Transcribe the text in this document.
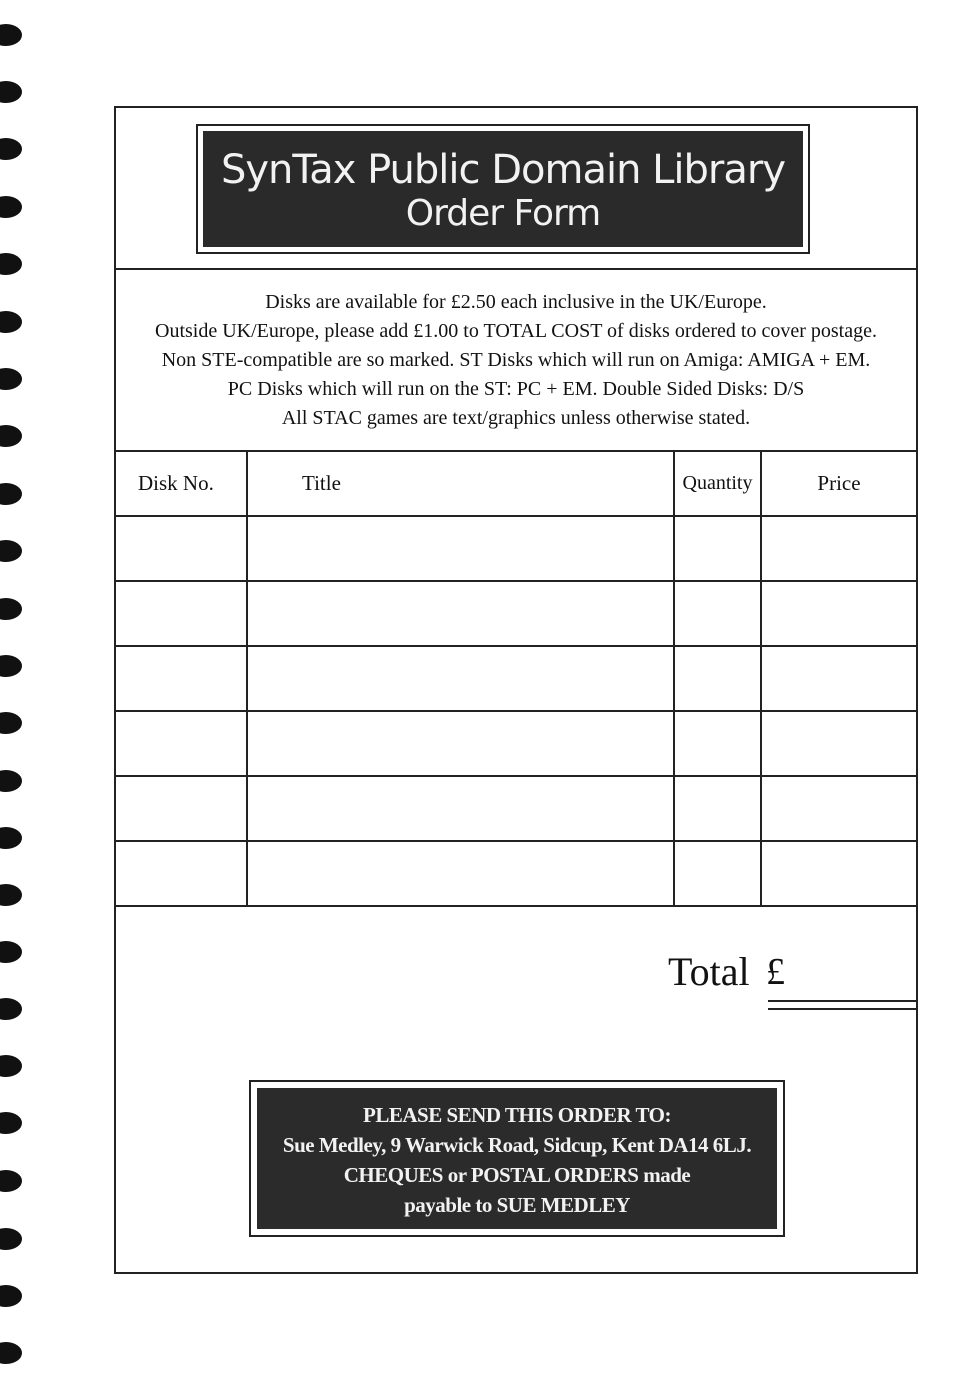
SynTax Public Domain Library
Order Form

Disks are available for £2.50 each inclusive in the UK/Europe.

Outside UK/Europe, please add £1.00 to TOTAL COST of disks ordered to cover postage.

Non STE-compatible are so marked. ST Disks which will run on Amiga: AMIGA + EM.

PC Disks which will run on the ST: PC + EM. Double Sided Disks: D/S

All STAC games are text/graphics unless otherwise stated.

Disk No.	Title	Quantity	Price

Total £
PLEASE SEND THIS ORDER TO:
Sue Medley, 9 Warwick Road, Sidcup, Kent DA14 6LJ.
CHEQUES or POSTAL ORDERS made
payable to SUE MEDLEY
